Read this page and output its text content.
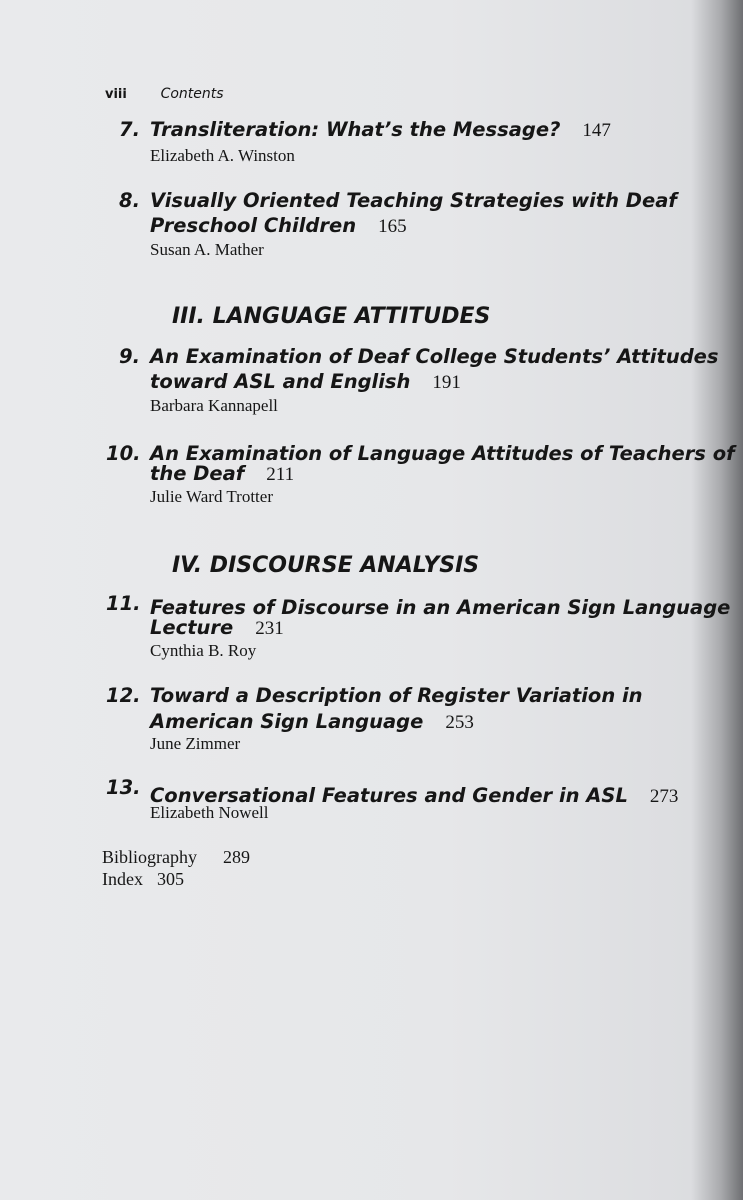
viii Contents
7. Transliteration: What’s the Message? 147
Elizabeth A. Winston
8. Visually Oriented Teaching Strategies with Deaf
Preschool Children 165
Susan A. Mather
III. LANGUAGE ATTITUDES
9. An Examination of Deaf College Students’ Attitudes
toward ASL and English 191
Barbara Kannapell
10. An Examination of Language Attitudes of Teachers of
the Deaf 211
Julie Ward Trotter
IV. DISCOURSE ANALYSIS
11. Features of Discourse in an American Sign Language
Lecture 231
Cynthia B. Roy
12. Toward a Description of Register Variation in
American Sign Language 253
June Zimmer
13. Conversational Features and Gender in ASL 273
Elizabeth Nowell
Bibliography 289
Index 305
